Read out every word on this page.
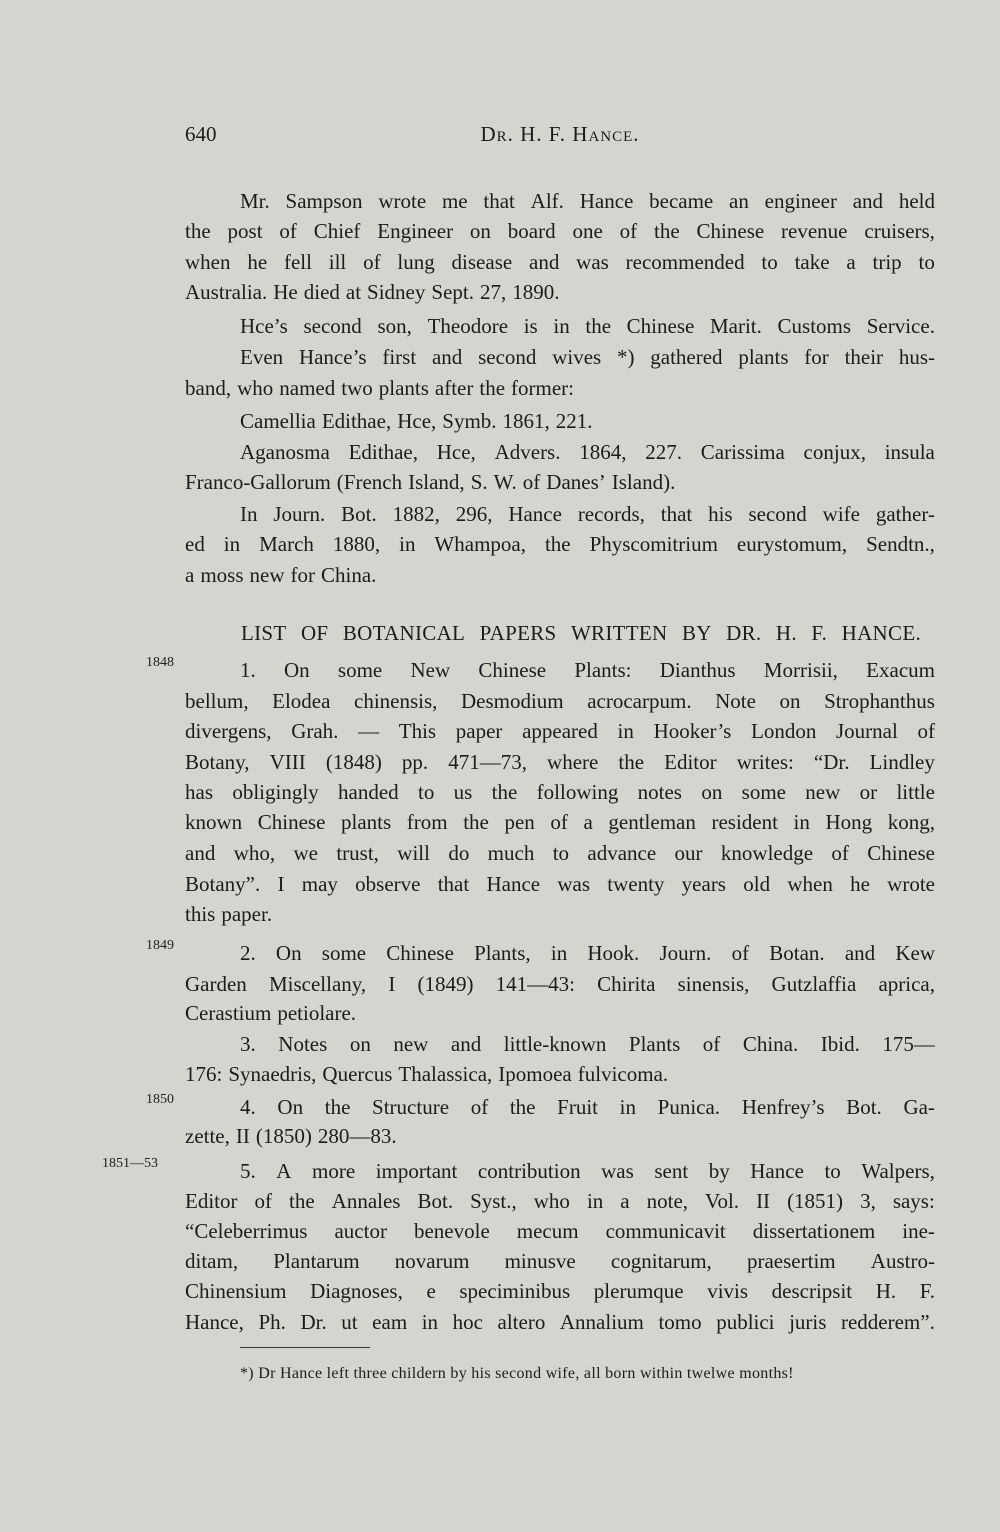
640	Dr. H. F. Hance.
Mr. Sampson wrote me that Alf. Hance became an engineer and held
the post of Chief Engineer on board one of the Chinese revenue cruisers,
when he fell ill of lung disease and was recommended to take a trip to
Australia. He died at Sidney Sept. 27, 1890.
Hce’s second son, Theodore is in the Chinese Marit. Customs Service.
Even Hance’s first and second wives *) gathered plants for their hus-
band, who named two plants after the former:
Camellia Edithae, Hce, Symb. 1861, 221.
Aganosma Edithae, Hce, Advers. 1864, 227. Carissima conjux, insula
Franco-Gallorum (French Island, S. W. of Danes’ Island).
In Journ. Bot. 1882, 296, Hance records, that his second wife gather-
ed in March 1880, in Whampoa, the Physcomitrium eurystomum, Sendtn.,
a moss new for China.
LIST OF BOTANICAL PAPERS WRITTEN BY DR. H. F. HANCE.
1. On some New Chinese Plants: Dianthus Morrisii, Exacum
bellum, Elodea chinensis, Desmodium acrocarpum. Note on Strophanthus
divergens, Grah. — This paper appeared in Hooker’s London Journal of
Botany, VIII (1848) pp. 471—73, where the Editor writes: “Dr. Lindley
has obligingly handed to us the following notes on some new or little
known Chinese plants from the pen of a gentleman resident in Hong kong,
and who, we trust, will do much to advance our knowledge of Chinese
Botany”. I may observe that Hance was twenty years old when he wrote
this paper.
2. On some Chinese Plants, in Hook. Journ. of Botan. and Kew
Garden Miscellany, I (1849) 141—43: Chirita sinensis, Gutzlaffia aprica,
Cerastium petiolare.
3. Notes on new and little-known Plants of China. Ibid. 175—
176: Synaedris, Quercus Thalassica, Ipomoea fulvicoma.
4. On the Structure of the Fruit in Punica. Henfrey’s Bot. Ga-
zette, II (1850) 280—83.
5. A more important contribution was sent by Hance to Walpers,
Editor of the Annales Bot. Syst., who in a note, Vol. II (1851) 3, says:
“Celeberrimus auctor benevole mecum communicavit dissertationem ine-
ditam, Plantarum novarum minusve cognitarum, praesertim Austro-
Chinensium Diagnoses, e speciminibus plerumque vivis descripsit H. F.
Hance, Ph. Dr. ut eam in hoc altero Annalium tomo publici juris redderem”.
1848
1849
1850
1851—53
*) Dr Hance left three childern by his second wife, all born within twelwe months!
